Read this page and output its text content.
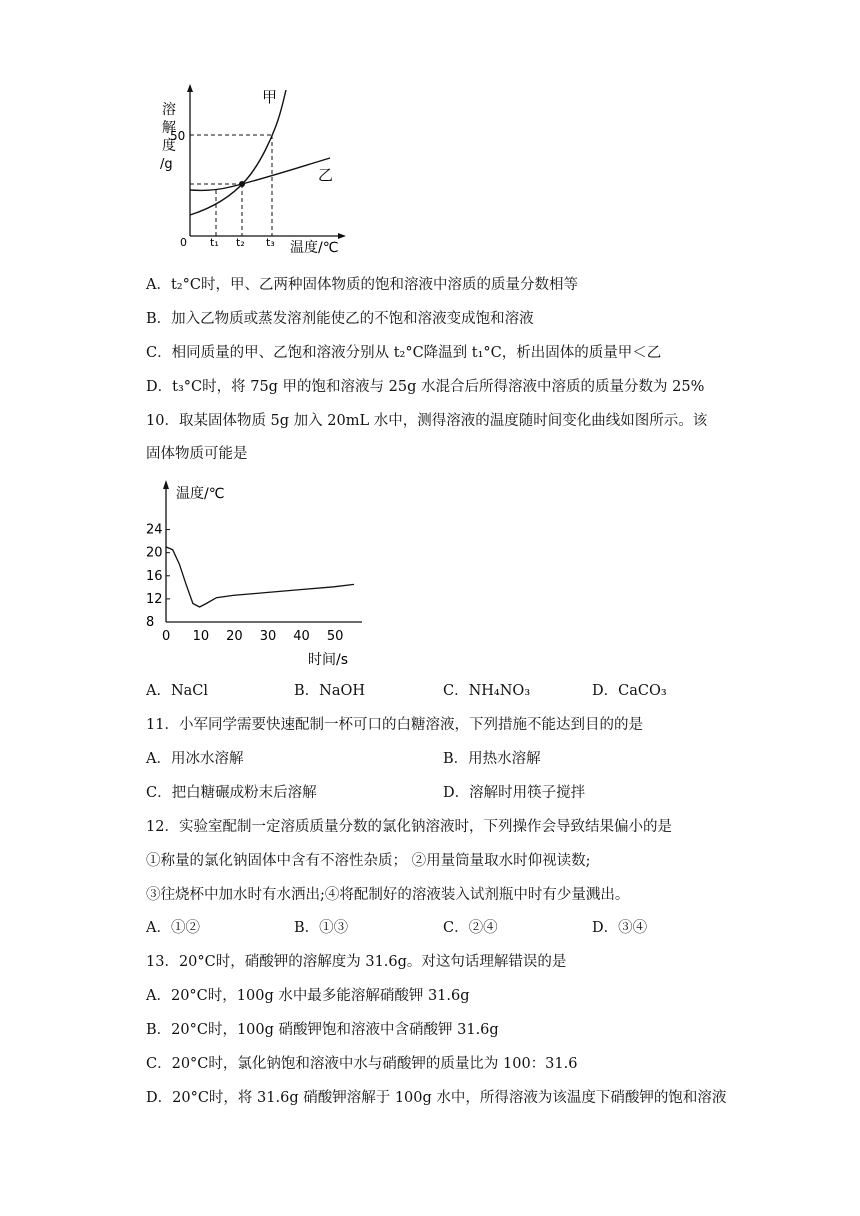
溶
解
度
/g
50
甲
乙
0 t₁ t₂ t₃ 温度/℃
A．t₂°C时，甲、乙两种固体物质的饱和溶液中溶质的质量分数相等
B．加入乙物质或蒸发溶剂能使乙的不饱和溶液变成饱和溶液
C．相同质量的甲、乙饱和溶液分别从 t₂°C降温到 t₁°C，析出固体的质量甲＜乙
D．t₃°C时，将 75g 甲的饱和溶液与 25g 水混合后所得溶液中溶质的质量分数为 25%
10．取某固体物质 5g 加入 20mL 水中，测得溶液的温度随时间变化曲线如图所示。该
固体物质可能是
温度/℃
时间/s
24
20
16
12
8
0 10 20 30 40 50
A．NaCl	B．NaOH	C．NH₄NO₃	D．CaCO₃
11．小军同学需要快速配制一杯可口的白糖溶液，下列措施不能达到目的的是
A．用冰水溶解	B．用热水溶解
C．把白糖碾成粉末后溶解	D．溶解时用筷子搅拌
12．实验室配制一定溶质质量分数的氯化钠溶液时，下列操作会导致结果偏小的是
①称量的氯化钠固体中含有不溶性杂质； ②用量筒量取水时仰视读数;
③往烧杯中加水时有水洒出;④将配制好的溶液装入试剂瓶中时有少量溅出。
A．①②	B．①③	C．②④	D．③④
13．20°C时，硝酸钾的溶解度为 31.6g。对这句话理解错误的是
A．20°C时，100g 水中最多能溶解硝酸钾 31.6g
B．20°C时，100g 硝酸钾饱和溶液中含硝酸钾 31.6g
C．20°C时，氯化钠饱和溶液中水与硝酸钾的质量比为 100：31.6
D．20°C时，将 31.6g 硝酸钾溶解于 100g 水中，所得溶液为该温度下硝酸钾的饱和溶液
